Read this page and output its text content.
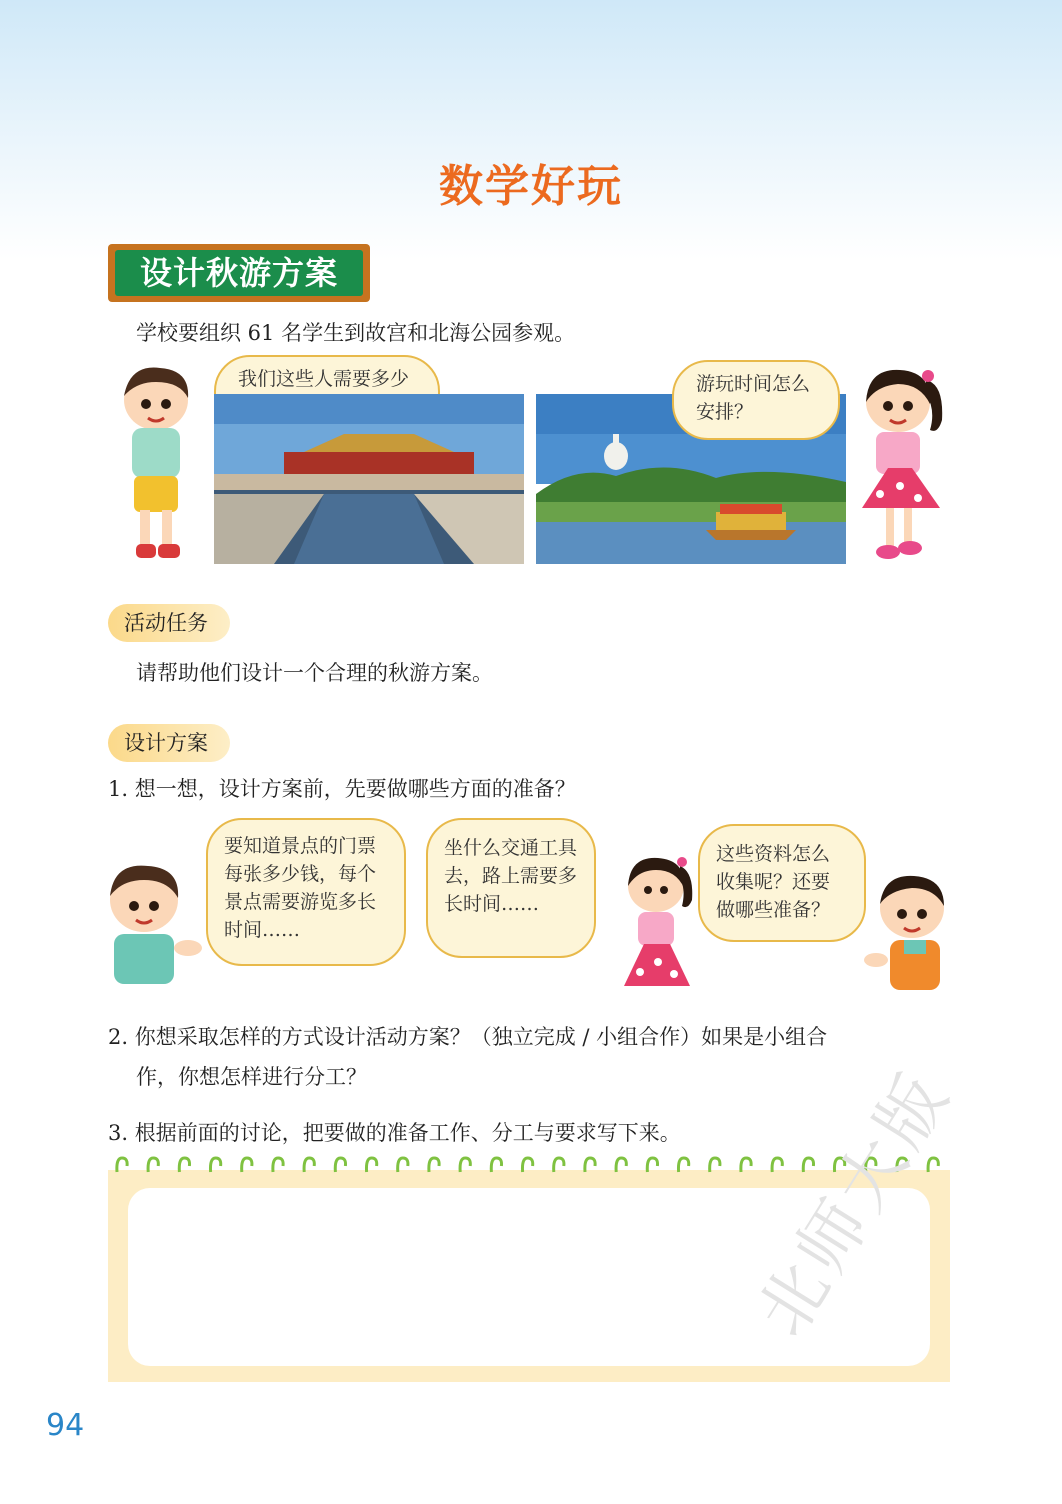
数学好玩
设计秋游方案
学校要组织 61 名学生到故宫和北海公园参观。
我们这些人需要多少	游玩时间怎么安排？
活动任务
请帮助他们设计一个合理的秋游方案。
设计方案
1. 想一想，设计方案前，先要做哪些方面的准备？
要知道景点的门票每张多少钱，每个景点需要游览多长时间……
坐什么交通工具去，路上需要多长时间……
这些资料怎么收集呢？还要做哪些准备？
2. 你想采取怎样的方式设计活动方案？（独立完成 / 小组合作）如果是小组合
作，你想怎样进行分工？
3. 根据前面的讨论，把要做的准备工作、分工与要求写下来。
94
北师大版
